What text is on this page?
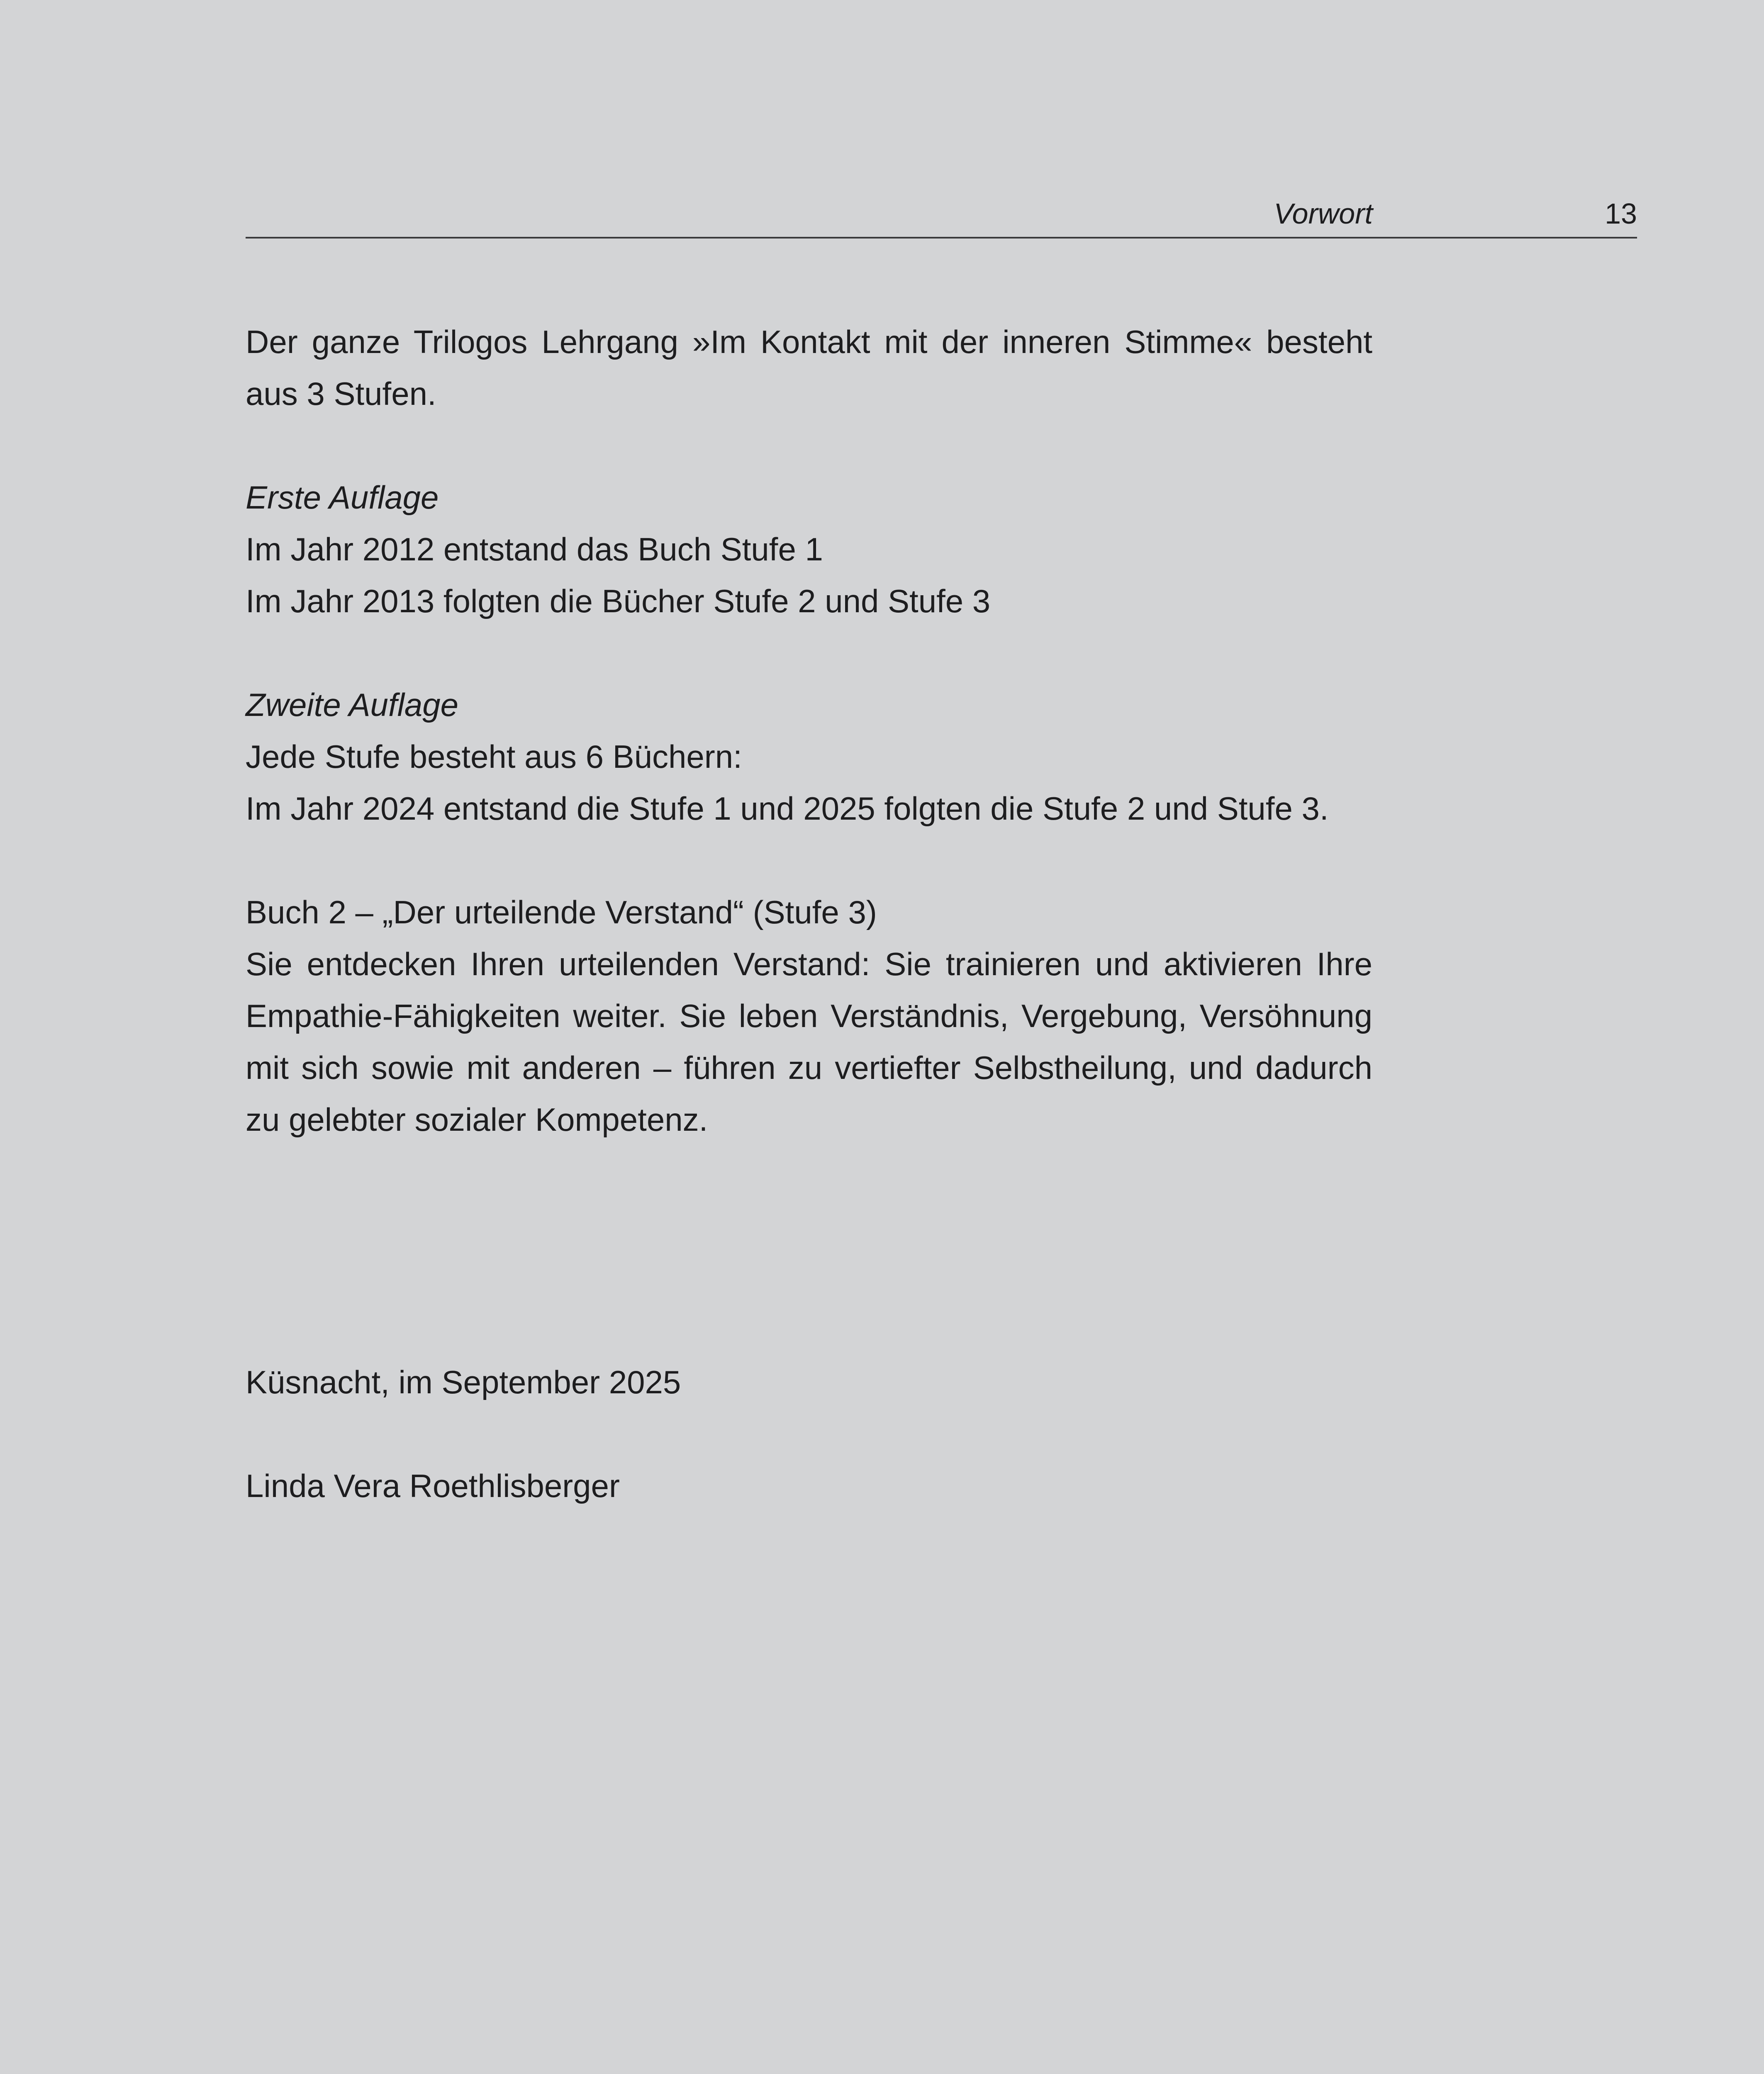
Vorwort	13

Der ganze Trilogos Lehrgang »Im Kontakt mit der inneren Stimme« besteht aus 3 Stufen.

Erste Auflage

Im Jahr 2012 entstand das Buch Stufe 1

Im Jahr 2013 folgten die Bücher Stufe 2 und Stufe 3

Zweite Auflage

Jede Stufe besteht aus 6 Büchern:

Im Jahr 2024 entstand die Stufe 1 und 2025 folgten die Stufe 2 und Stufe 3.

Buch 2 – „Der urteilende Verstand“ (Stufe 3)

Sie entdecken Ihren urteilenden Verstand: Sie trainieren und aktivieren Ihre Empathie-Fähigkeiten weiter. Sie leben Verständnis, Vergebung, Versöhnung mit sich sowie mit anderen – führen zu vertiefter Selbstheilung, und dadurch zu gelebter sozialer Kompetenz.

Küsnacht, im September 2025

Linda Vera Roethlisberger
